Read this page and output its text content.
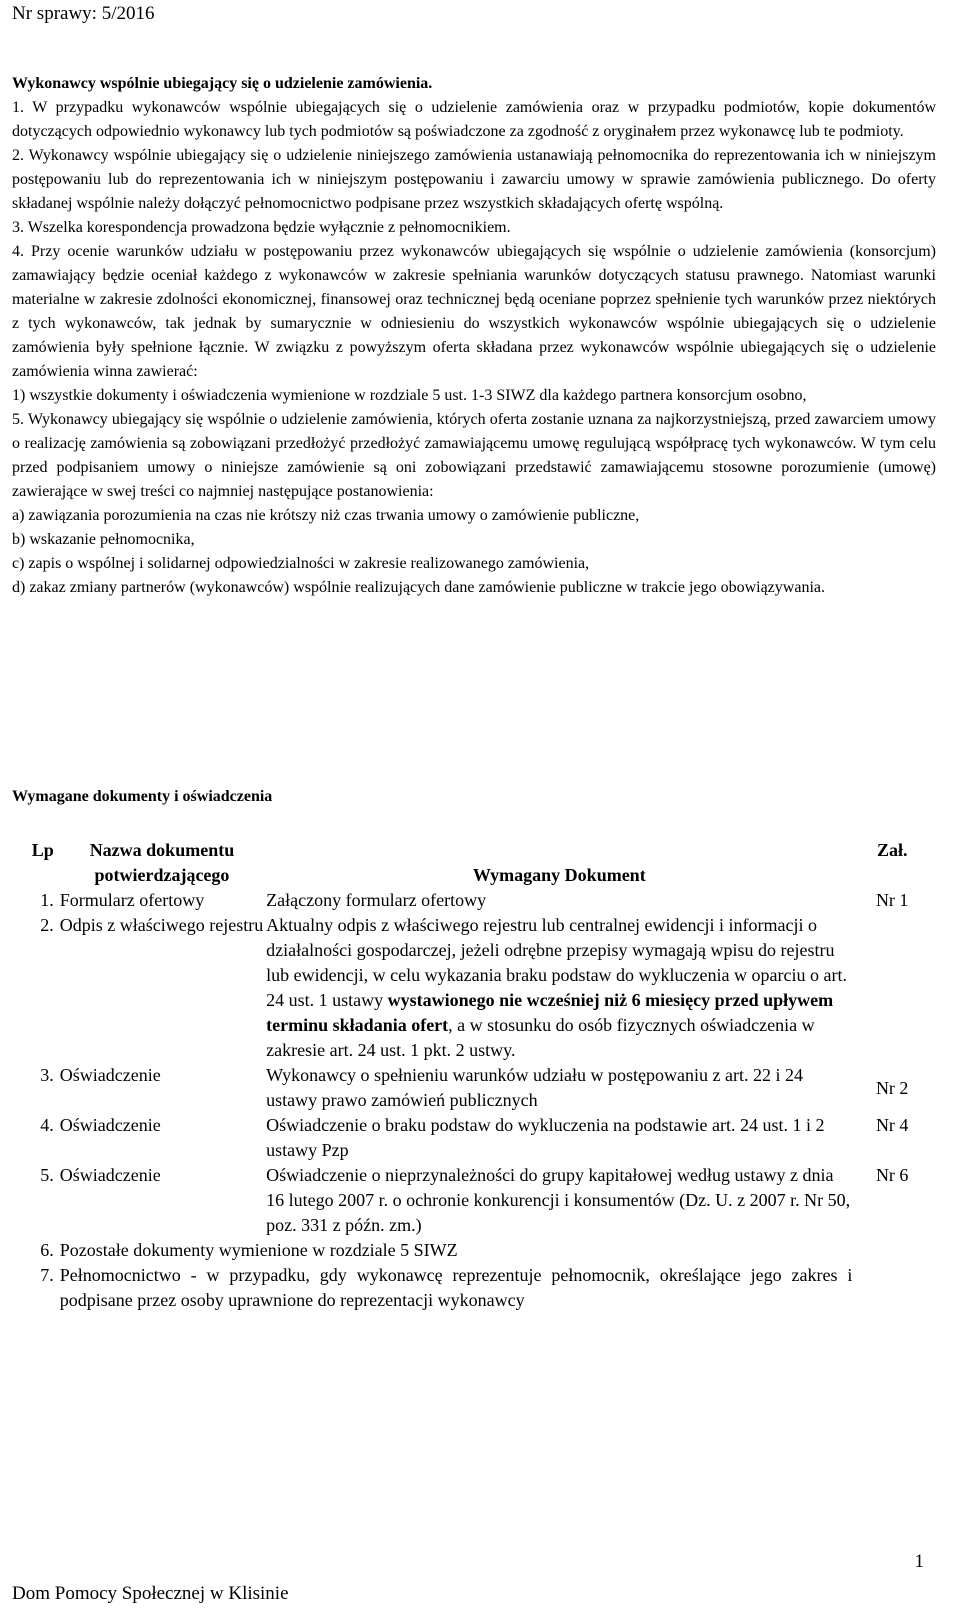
Nr sprawy: 5/2016

Wykonawcy wspólnie ubiegający się o udzielenie zamówienia.

1. W przypadku wykonawców wspólnie ubiegających się o udzielenie zamówienia oraz w przypadku podmiotów, kopie dokumentów dotyczących odpowiednio wykonawcy lub tych podmiotów są poświadczone za zgodność z oryginałem przez wykonawcę lub te podmioty.

2. Wykonawcy wspólnie ubiegający się o udzielenie niniejszego zamówienia ustanawiają pełnomocnika do reprezentowania ich w niniejszym postępowaniu lub do reprezentowania ich w niniejszym postępowaniu i zawarciu umowy w sprawie zamówienia publicznego. Do oferty składanej wspólnie należy dołączyć pełnomocnictwo podpisane przez wszystkich składających ofertę wspólną.

3. Wszelka korespondencja prowadzona będzie wyłącznie z pełnomocnikiem.

4. Przy ocenie warunków udziału w postępowaniu przez wykonawców ubiegających się wspólnie o udzielenie zamówienia (konsorcjum) zamawiający będzie oceniał każdego z wykonawców w zakresie spełniania warunków dotyczących statusu prawnego. Natomiast warunki materialne w zakresie zdolności ekonomicznej, finansowej oraz technicznej będą oceniane poprzez spełnienie tych warunków przez niektórych z tych wykonawców, tak jednak by sumarycznie w odniesieniu do wszystkich wykonawców wspólnie ubiegających się o udzielenie zamówienia były spełnione łącznie. W związku z powyższym oferta składana przez wykonawców wspólnie ubiegających się o udzielenie zamówienia winna zawierać:

1) wszystkie dokumenty i oświadczenia wymienione w rozdziale 5 ust. 1-3 SIWZ dla każdego partnera konsorcjum osobno,

5. Wykonawcy ubiegający się wspólnie o udzielenie zamówienia, których oferta zostanie uznana za najkorzystniejszą, przed zawarciem umowy o realizację zamówienia są zobowiązani przedłożyć przedłożyć zamawiającemu umowę regulującą współpracę tych wykonawców. W tym celu przed podpisaniem umowy o niniejsze zamówienie są oni zobowiązani przedstawić zamawiającemu stosowne porozumienie (umowę) zawierające w swej treści co najmniej następujące postanowienia:

a) zawiązania porozumienia na czas nie krótszy niż czas trwania umowy o zamówienie publiczne,

b) wskazanie pełnomocnika,

c) zapis o wspólnej i solidarnej odpowiedzialności w zakresie realizowanego zamówienia,

d) zakaz zmiany partnerów (wykonawców) wspólnie realizujących dane zamówienie publiczne w trakcie jego obowiązywania.

Wymagane dokumenty i oświadczenia
Lp	Nazwa dokumentu potwierdzającego	Wymagany Dokument	Zał.
1.	Formularz ofertowy	Załączony formularz ofertowy	Nr 1
2.	Odpis z właściwego rejestru	Aktualny odpis z właściwego rejestru lub centralnej ewidencji i informacji o działalności gospodarczej, jeżeli odrębne przepisy wymagają wpisu do rejestru lub ewidencji, w celu wykazania braku podstaw do wykluczenia w oparciu o art. 24 ust. 1 ustawy wystawionego nie wcześniej niż 6 miesięcy przed upływem terminu składania ofert, a w stosunku do osób fizycznych oświadczenia w zakresie art. 24 ust. 1 pkt. 2 ustwy.	
3.	Oświadczenie	Wykonawcy o spełnieniu warunków udziału w postępowaniu z art. 22 i 24 ustawy prawo zamówień publicznych	Nr 2
4.	Oświadczenie	Oświadczenie o braku podstaw do wykluczenia na podstawie art. 24 ust. 1 i 2 ustawy Pzp	Nr 4
5.	Oświadczenie	Oświadczenie o nieprzynależności do grupy kapitałowej według ustawy z dnia 16 lutego 2007 r. o ochronie konkurencji i konsumentów (Dz. U. z 2007 r. Nr 50, poz. 331 z późn. zm.)	Nr 6
6.	Pozostałe dokumenty wymienione w rozdziale 5 SIWZ		
7.	Pełnomocnictwo - w przypadku, gdy wykonawcę reprezentuje pełnomocnik, określające jego zakres i podpisane przez osoby uprawnione do reprezentacji wykonawcy		
1
Dom Pomocy Społecznej w Klisinie
